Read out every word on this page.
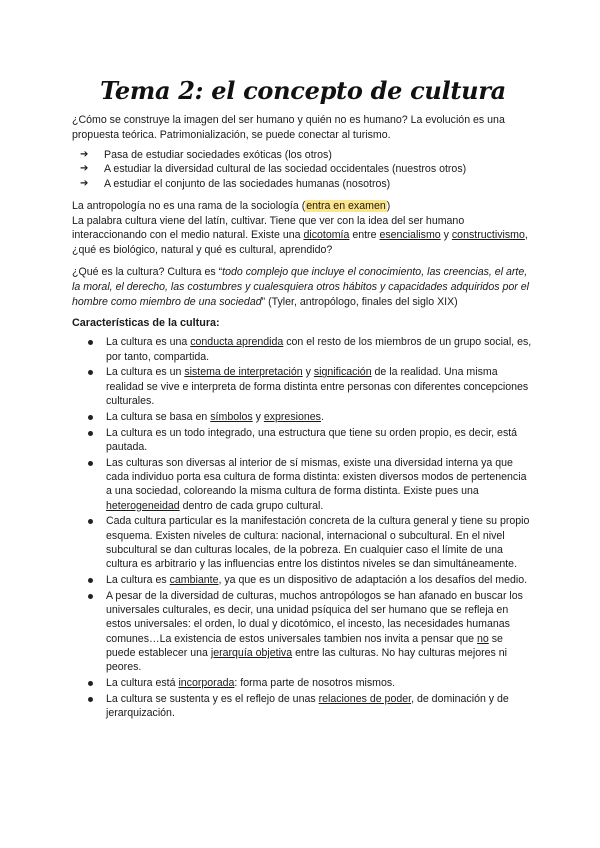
Tema 2: el concepto de cultura

¿Cómo se construye la imagen del ser humano y quién no es humano? La evolución es una propuesta teórica. Patrimonialización, se puede conectar al turismo.

➔ Pasa de estudiar sociedades exóticas (los otros)
➔ A estudiar la diversidad cultural de las sociedad occidentales (nuestros otros)
➔ A estudiar el conjunto de las sociedades humanas (nosotros)

La antropología no es una rama de la sociología (entra en examen)

La palabra cultura viene del latín, cultivar. Tiene que ver con la idea del ser humano interaccionando con el medio natural. Existe una dicotomía entre esencialismo y constructivismo, ¿qué es biológico, natural y qué es cultural, aprendido?

¿Qué es la cultura? Cultura es “todo complejo que incluye el conocimiento, las creencias, el arte, la moral, el derecho, las costumbres y cualesquiera otros hábitos y capacidades adquiridos por el hombre como miembro de una sociedad” (Tyler, antropólogo, finales del siglo XIX)

Características de la cultura:
La cultura es una conducta aprendida con el resto de los miembros de un grupo social, es, por tanto, compartida.
La cultura es un sistema de interpretación y significación de la realidad. Una misma realidad se vive e interpreta de forma distinta entre personas con diferentes concepciones culturales.
La cultura se basa en símbolos y expresiones.
La cultura es un todo integrado, una estructura que tiene su orden propio, es decir, está pautada.
Las culturas son diversas al interior de sí mismas, existe una diversidad interna ya que cada individuo porta esa cultura de forma distinta: existen diversos modos de pertenencia a una sociedad, coloreando la misma cultura de forma distinta. Existe pues una heterogeneidad dentro de cada grupo cultural.
Cada cultura particular es la manifestación concreta de la cultura general y tiene su propio esquema. Existen niveles de cultura: nacional, internacional o subcultural. En el nivel subcultural se dan culturas locales, de la pobreza. En cualquier caso el límite de una cultura es arbitrario y las influencias entre los distintos niveles se dan simultáneamente.
La cultura es cambiante, ya que es un dispositivo de adaptación a los desafíos del medio.
A pesar de la diversidad de culturas, muchos antropólogos se han afanado en buscar los universales culturales, es decir, una unidad psíquica del ser humano que se refleja en estos universales: el orden, lo dual y dicotómico, el incesto, las necesidades humanas comunes…La existencia de estos universales tambien nos invita a pensar que no se puede establecer una jerarquía objetiva entre las culturas. No hay culturas mejores ni peores.
La cultura está incorporada: forma parte de nosotros mismos.
La cultura se sustenta y es el reflejo de unas relaciones de poder, de dominación y de jerarquización.
